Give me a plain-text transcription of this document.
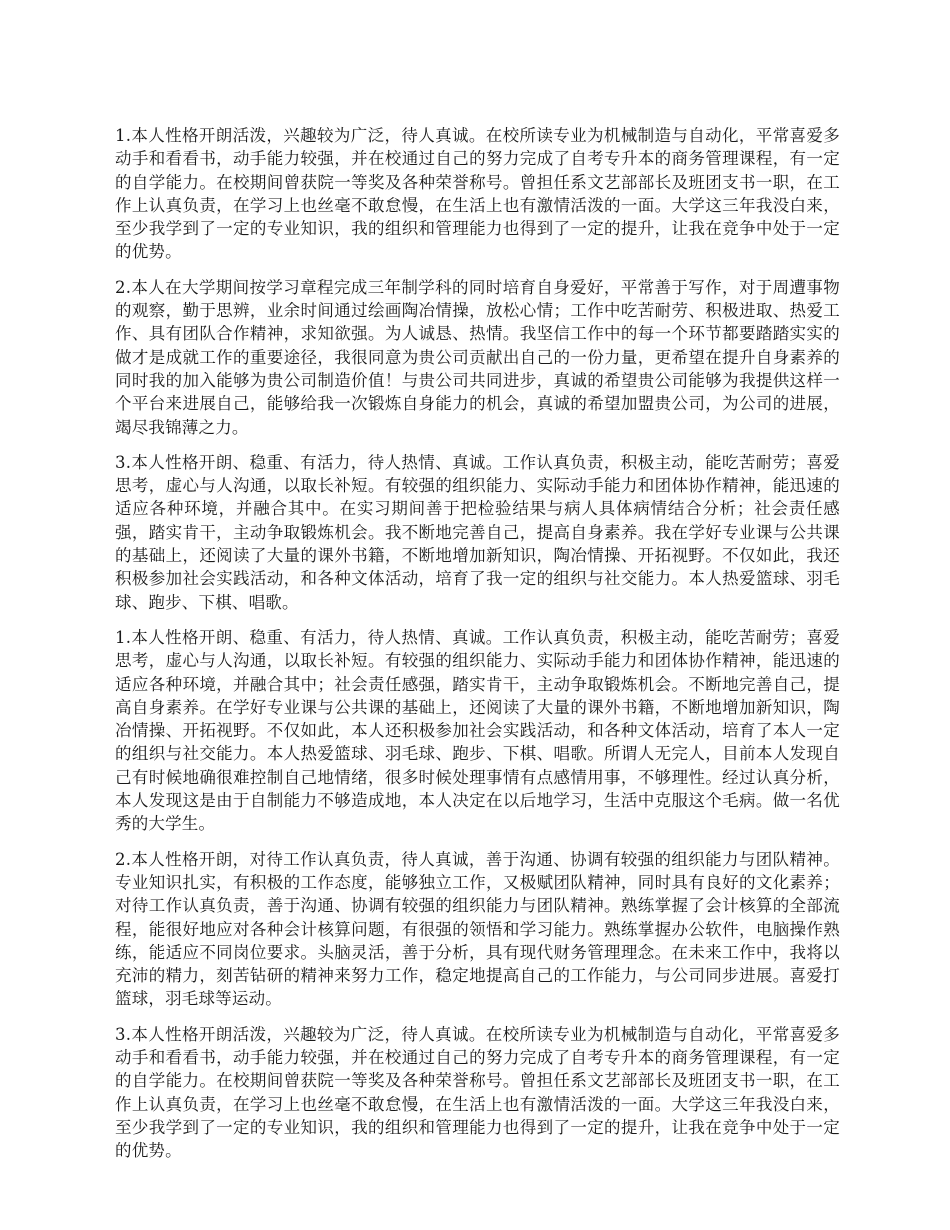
1.本人性格开朗活泼，兴趣较为广泛，待人真诚。在校所读专业为机械制造与自动化，平常喜爱多动手和看看书，动手能力较强，并在校通过自己的努力完成了自考专升本的商务管理课程，有一定的自学能力。在校期间曾获院一等奖及各种荣誉称号。曾担任系文艺部部长及班团支书一职，在工作上认真负责，在学习上也丝毫不敢怠慢，在生活上也有激情活泼的一面。大学这三年我没白来，至少我学到了一定的专业知识，我的组织和管理能力也得到了一定的提升，让我在竞争中处于一定的优势。

2.本人在大学期间按学习章程完成三年制学科的同时培育自身爱好，平常善于写作，对于周遭事物的观察，勤于思辨，业余时间通过绘画陶冶情操，放松心情；工作中吃苦耐劳、积极进取、热爱工作、具有团队合作精神，求知欲强。为人诚恳、热情。我坚信工作中的每一个环节都要踏踏实实的做才是成就工作的重要途径，我很同意为贵公司贡献出自己的一份力量，更希望在提升自身素养的同时我的加入能够为贵公司制造价值！与贵公司共同进步，真诚的希望贵公司能够为我提供这样一个平台来进展自己，能够给我一次锻炼自身能力的机会，真诚的希望加盟贵公司，为公司的进展，竭尽我锦薄之力。

3.本人性格开朗、稳重、有活力，待人热情、真诚。工作认真负责，积极主动，能吃苦耐劳；喜爱思考，虚心与人沟通，以取长补短。有较强的组织能力、实际动手能力和团体协作精神，能迅速的适应各种环境，并融合其中。在实习期间善于把检验结果与病人具体病情结合分析；社会责任感强，踏实肯干，主动争取锻炼机会。我不断地完善自己，提高自身素养。我在学好专业课与公共课的基础上，还阅读了大量的课外书籍，不断地增加新知识，陶冶情操、开拓视野。不仅如此，我还积极参加社会实践活动，和各种文体活动，培育了我一定的组织与社交能力。本人热爱篮球、羽毛球、跑步、下棋、唱歌。

1.本人性格开朗、稳重、有活力，待人热情、真诚。工作认真负责，积极主动，能吃苦耐劳；喜爱思考，虚心与人沟通，以取长补短。有较强的组织能力、实际动手能力和团体协作精神，能迅速的适应各种环境，并融合其中；社会责任感强，踏实肯干，主动争取锻炼机会。不断地完善自己，提高自身素养。在学好专业课与公共课的基础上，还阅读了大量的课外书籍，不断地增加新知识，陶冶情操、开拓视野。不仅如此，本人还积极参加社会实践活动，和各种文体活动，培育了本人一定的组织与社交能力。本人热爱篮球、羽毛球、跑步、下棋、唱歌。所谓人无完人，目前本人发现自己有时候地确很难控制自己地情绪，很多时候处理事情有点感情用事，不够理性。经过认真分析，本人发现这是由于自制能力不够造成地，本人决定在以后地学习，生活中克服这个毛病。做一名优秀的大学生。

2.本人性格开朗，对待工作认真负责，待人真诚，善于沟通、协调有较强的组织能力与团队精神。专业知识扎实，有积极的工作态度，能够独立工作，又极赋团队精神，同时具有良好的文化素养；对待工作认真负责，善于沟通、协调有较强的组织能力与团队精神。熟练掌握了会计核算的全部流程，能很好地应对各种会计核算问题，有很强的领悟和学习能力。熟练掌握办公软件，电脑操作熟练，能适应不同岗位要求。头脑灵活，善于分析，具有现代财务管理理念。在未来工作中，我将以充沛的精力，刻苦钻研的精神来努力工作，稳定地提高自己的工作能力，与公司同步进展。喜爱打篮球，羽毛球等运动。

3.本人性格开朗活泼，兴趣较为广泛，待人真诚。在校所读专业为机械制造与自动化，平常喜爱多动手和看看书，动手能力较强，并在校通过自己的努力完成了自考专升本的商务管理课程，有一定的自学能力。在校期间曾获院一等奖及各种荣誉称号。曾担任系文艺部部长及班团支书一职，在工作上认真负责，在学习上也丝毫不敢怠慢，在生活上也有激情活泼的一面。大学这三年我没白来，至少我学到了一定的专业知识，我的组织和管理能力也得到了一定的提升，让我在竞争中处于一定的优势。
